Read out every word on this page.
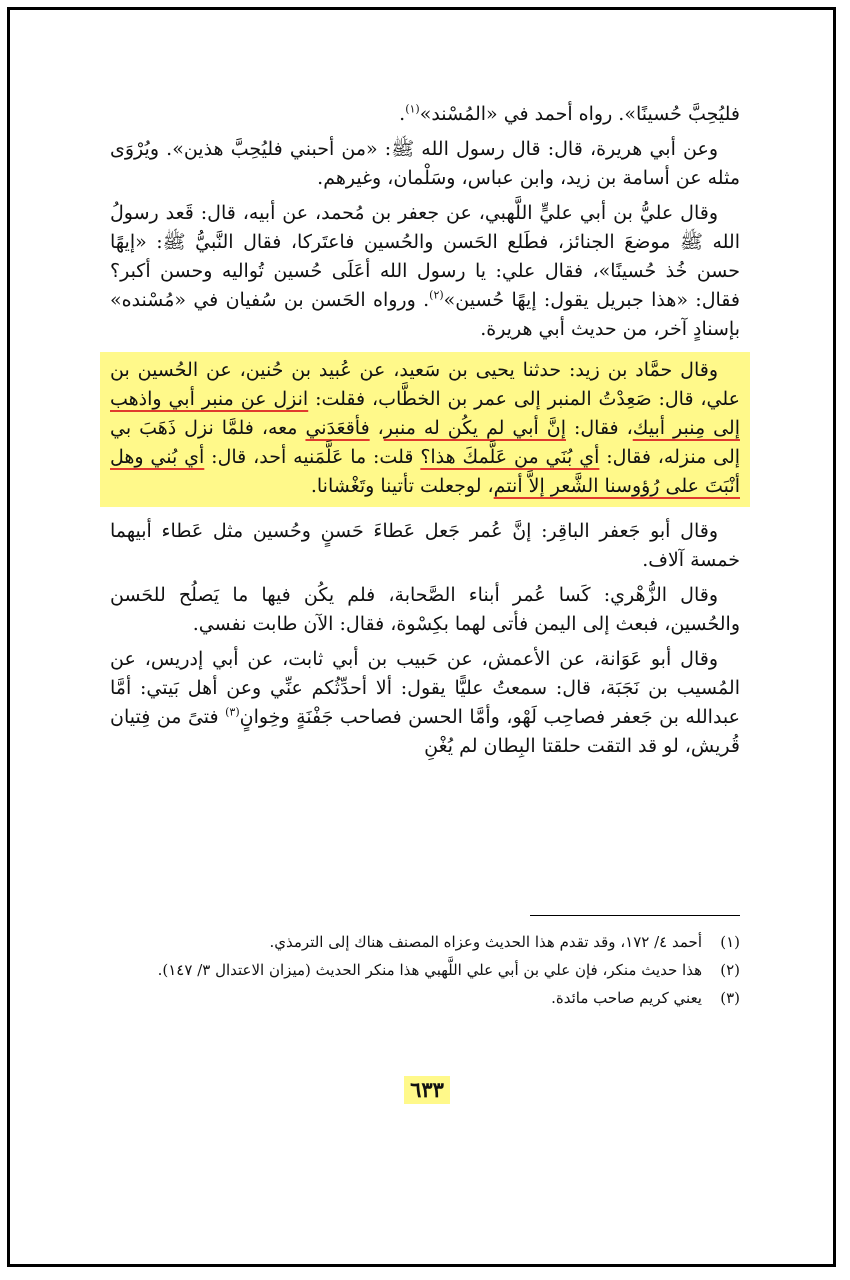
فليُحِبَّ حُسينًا». رواه أحمد في «المُسْند»$^{(١)}$.

وعن أبي هريرة، قال: قال رسول الله ﷺ: «من أحبني فليُحِبَّ هذين». ويُرْوَى مثله عن أسامة بن زيد، وابن عباس، وسَلْمان، وغيرهم.

وقال عليُّ بن أبي عليٍّ اللَّهبي، عن جعفر بن مُحمد، عن أبيه، قال: قَعد رسولُ الله ﷺ موضعَ الجنائز، فطَلع الحَسن والحُسين فاعتَركا، فقال النَّبيُّ ﷺ: «إيهًا حسن خُذ حُسينًا»، فقال علي: يا رسول الله أعَلَى حُسين تُواليه وحسن أكبر؟ فقال: «هذا جبريل يقول: إيهًا حُسين»$^{(٢)}$. ورواه الحَسن بن سُفيان في «مُسْنده» بإسنادٍ آخر، من حديث أبي هريرة.

وقال حمَّاد بن زيد: حدثنا يحيى بن سَعيد، عن عُبيد بن حُنين، عن الحُسين بن علي، قال: صَعِدْتُ المنبر إلى عمر بن الخطَّاب، فقلت: انزل عن منبر أبي واذهب إلى مِنبر أبيك، فقال: إنَّ أبي لم يكُن له منبر، فأقعَدَني معه، فلمَّا نزل ذَهَبَ بي إلى منزله، فقال: أي بُنَي من عَلَّمكَ هذا؟ قلت: ما عَلَّمَنيه أحد، قال: أي بُني وهل أنْبَتَ على رُؤوسنا الشَّعر إلاَّ أنتم، لوجعلت تأتينا وتَغْشانا.

وقال أبو جَعفر الباقِر: إنَّ عُمر جَعل عَطاءَ حَسنٍ وحُسين مثل عَطاء أبيهما خمسة آلاف.

وقال الزُّهْري: كَسا عُمر أبناء الصَّحابة، فلم يكُن فيها ما يَصلُح للحَسن والحُسين، فبعث إلى اليمن فأتى لهما بكِسْوة، فقال: الآن طابت نفسي.

وقال أبو عَوَانة، عن الأعمش، عن حَبيب بن أبي ثابت، عن أبي إدريس، عن المُسيب بن نَجَبَة، قال: سمعتُ عليًّا يقول: ألا أحدِّثُكم عنِّي وعن أهل بَيتي: أمَّا عبدالله بن جَعفر فصاحِب لَهْو، وأمَّا الحسن فصاحب جَفْنَةٍ وخِوانٍ$^{(٣)}$ فتىً من فِتيان قُريش، لو قد التقت حلقتا البِطان لم يُغْنِ

(١)
أحمد ٤/ ١٧٢، وقد تقدم هذا الحديث وعزاه المصنف هناك إلى الترمذي.
(٢)
هذا حديث منكر، فإن علي بن أبي علي اللَّهبي هذا منكر الحديث (ميزان الاعتدال ٣/ ١٤٧).
(٣)
يعني كريم صاحب مائدة.
٦٣٣
